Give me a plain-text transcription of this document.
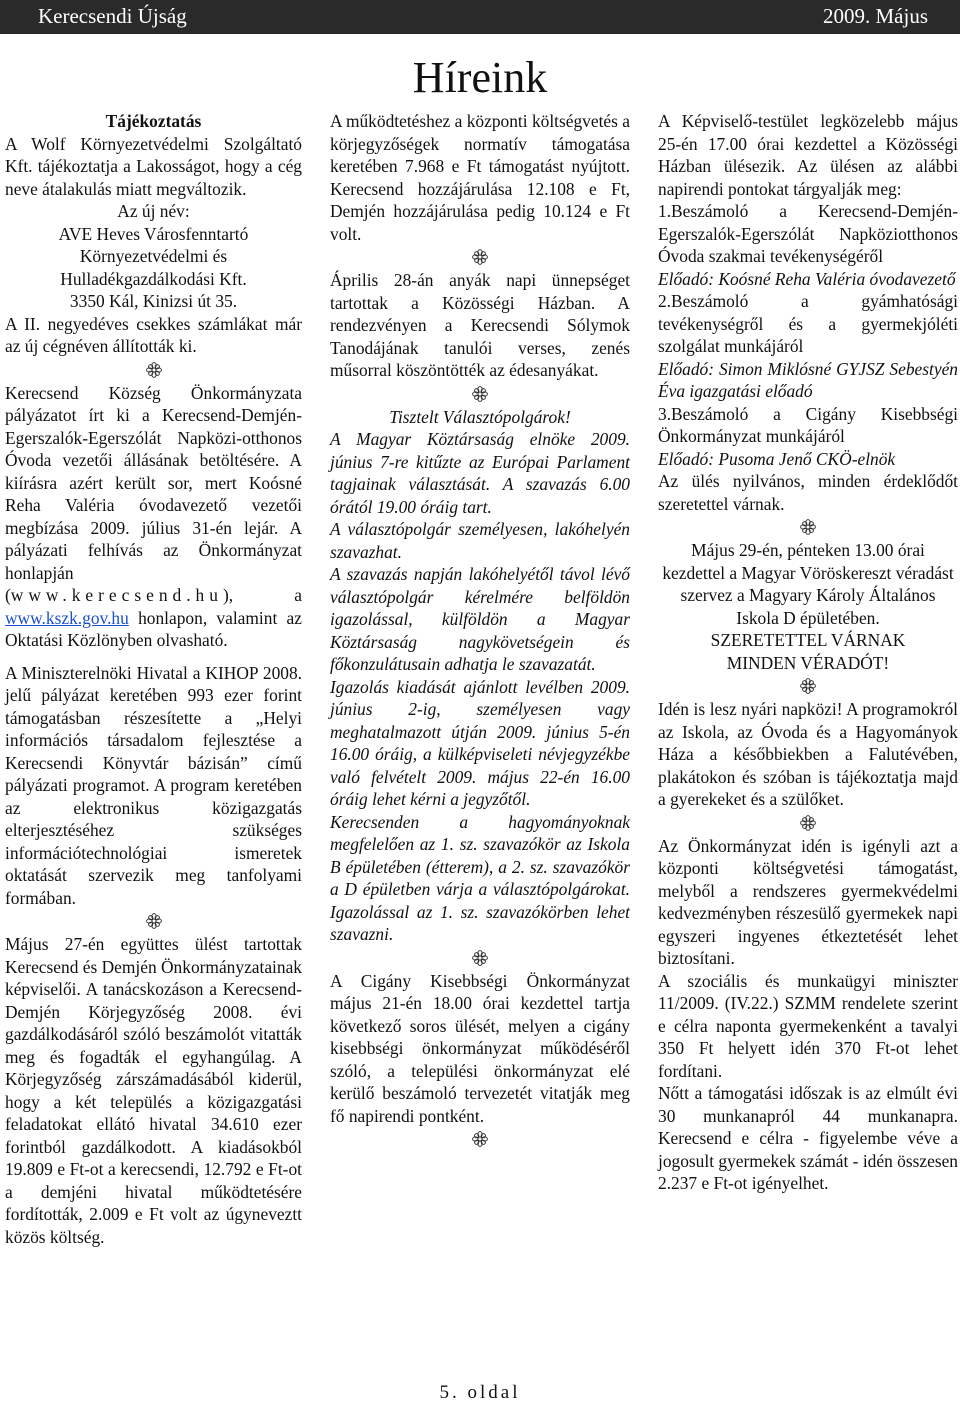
Kerecsendi Újság	2009. Május
Híreink

Tájékoztatás

A Wolf Környezetvédelmi Szolgáltató Kft. tájékoztatja a Lakosságot, hogy a cég neve átalakulás miatt megváltozik.

Az új név:

AVE Heves Városfenntartó

Környezetvédelmi és

Hulladékgazdálkodási Kft.

3350 Kál, Kinizsi út 35.

A II. negyedéves csekkes számlákat már az új cégnéven állították ki.

Kerecsend Község Önkormányzata pályázatot írt ki a Kerecsend-Demjén-Egerszalók-Egerszólát Napközi-otthonos Óvoda vezetői állásának betöltésére. A kiírásra azért került sor, mert Koósné Reha Valéria óvodavezető vezetői megbízása 2009. július 31-én lejár. A pályázati felhívás az Önkormányzat honlapján (www.kerecsend.hu), a www.kszk.gov.hu honlapon, valamint az Oktatási Közlönyben olvasható.

A Miniszterelnöki Hivatal a KIHOP 2008. jelű pályázat keretében 993 ezer forint támogatásban részesítette a „Helyi információs társadalom fejlesztése a Kerecsendi Könyvtár bázisán” című pályázati programot. A program keretében az elektronikus közigazgatás elterjesztéséhez szükséges információtechnológiai ismeretek oktatását szervezik meg tanfolyami formában.

Május 27-én együttes ülést tartottak Kerecsend és Demjén Önkormányzatainak képviselői. A tanácskozáson a Kerecsend-Demjén Körjegyzőség 2008. évi gazdálkodásáról szóló beszámolót vitatták meg és fogadták el egyhangúlag. A Körjegyzőség zárszámadásából kiderül, hogy a két település a közigazgatási feladatokat ellátó hivatal 34.610 ezer forintból gazdálkodott. A kiadásokból 19.809 e Ft-ot a kerecsendi, 12.792 e Ft-ot a demjéni hivatal működtetésére fordították, 2.009 e Ft volt az úgyneveztt közös költség.

A működtetéshez a központi költségvetés a körjegyzőségek normatív támogatása keretében 7.968 e Ft támogatást nyújtott. Kerecsend hozzájárulása 12.108 e Ft, Demjén hozzájárulása pedig 10.124 e Ft volt.

Április 28-án anyák napi ünnepséget tartottak a Közösségi Házban. A rendezvényen a Kerecsendi Sólymok Tanodájának tanulói verses, zenés műsorral köszöntötték az édesanyákat.

Tisztelt Választópolgárok!

A Magyar Köztársaság elnöke 2009. június 7-re kitűzte az Európai Parlament tagjainak választását. A szavazás 6.00 órától 19.00 óráig tart.

A választópolgár személyesen, lakóhelyén szavazhat.

A szavazás napján lakóhelyétől távol lévő választópolgár kérelmére belföldön igazolással, külföldön a Magyar Köztársaság nagykövetségein és főkonzulátusain adhatja le szavazatát.

Igazolás kiadását ajánlott levélben 2009. június 2-ig, személyesen vagy meghatalmazott útján 2009. június 5-én 16.00 óráig, a külképviseleti névjegyzékbe való felvételt 2009. május 22-én 16.00 óráig lehet kérni a jegyzőtől.

Kerecsenden a hagyományoknak megfelelően az 1. sz. szavazókör az Iskola B épületében (étterem), a 2. sz. szavazókör a D épületben várja a választópolgárokat. Igazolással az 1. sz. szavazókörben lehet szavazni.

A Cigány Kisebbségi Önkormányzat május 21-én 18.00 órai kezdettel tartja következő soros ülését, melyen a cigány kisebbségi önkormányzat működéséről szóló, a települési önkormányzat elé kerülő beszámoló tervezetét vitatják meg fő napirendi pontként.

A Képviselő-testület legközelebb május 25-én 17.00 órai kezdettel a Közösségi Házban ülésezik. Az ülésen az alábbi napirendi pontokat tárgyalják meg:

1.Beszámoló a Kerecsend-Demjén-Egerszalók-Egerszólát Napköziotthonos Óvoda szakmai tevékenységéről

Előadó: Koósné Reha Valéria óvodavezető

2.Beszámoló a gyámhatósági tevékenységről és a gyermekjóléti szolgálat munkájáról

Előadó: Simon Miklósné GYJSZ Sebestyén Éva igazgatási előadó

3.Beszámoló a Cigány Kisebbségi Önkormányzat munkájáról

Előadó: Pusoma Jenő CKÖ-elnök

Az ülés nyilvános, minden érdeklődőt szeretettel várnak.

Május 29-én, pénteken 13.00 órai kezdettel a Magyar Vöröskereszt véradást szervez a Magyary Károly Általános Iskola D épületében.

SZERETETTEL VÁRNAK

MINDEN VÉRADÓT!

Idén is lesz nyári napközi! A programokról az Iskola, az Óvoda és a Hagyományok Háza a későbbiekben a Falutévében, plakátokon és szóban is tájékoztatja majd a gyerekeket és a szülőket.

Az Önkormányzat idén is igényli azt a központi költségvetési támogatást, melyből a rendszeres gyermekvédelmi kedvezményben részesülő gyermekek napi egyszeri ingyenes étkeztetését lehet biztosítani.

A szociális és munkaügyi miniszter 11/2009. (IV.22.) SZMM rendelete szerint e célra naponta gyermekenként a tavalyi 350 Ft helyett idén 370 Ft-ot lehet fordítani.

Nőtt a támogatási időszak is az elmúlt évi 30 munkanapról 44 munkanapra. Kerecsend e célra - figyelembe véve a jogosult gyermekek számát - idén összesen 2.237 e Ft-ot igényelhet.

5. oldal
